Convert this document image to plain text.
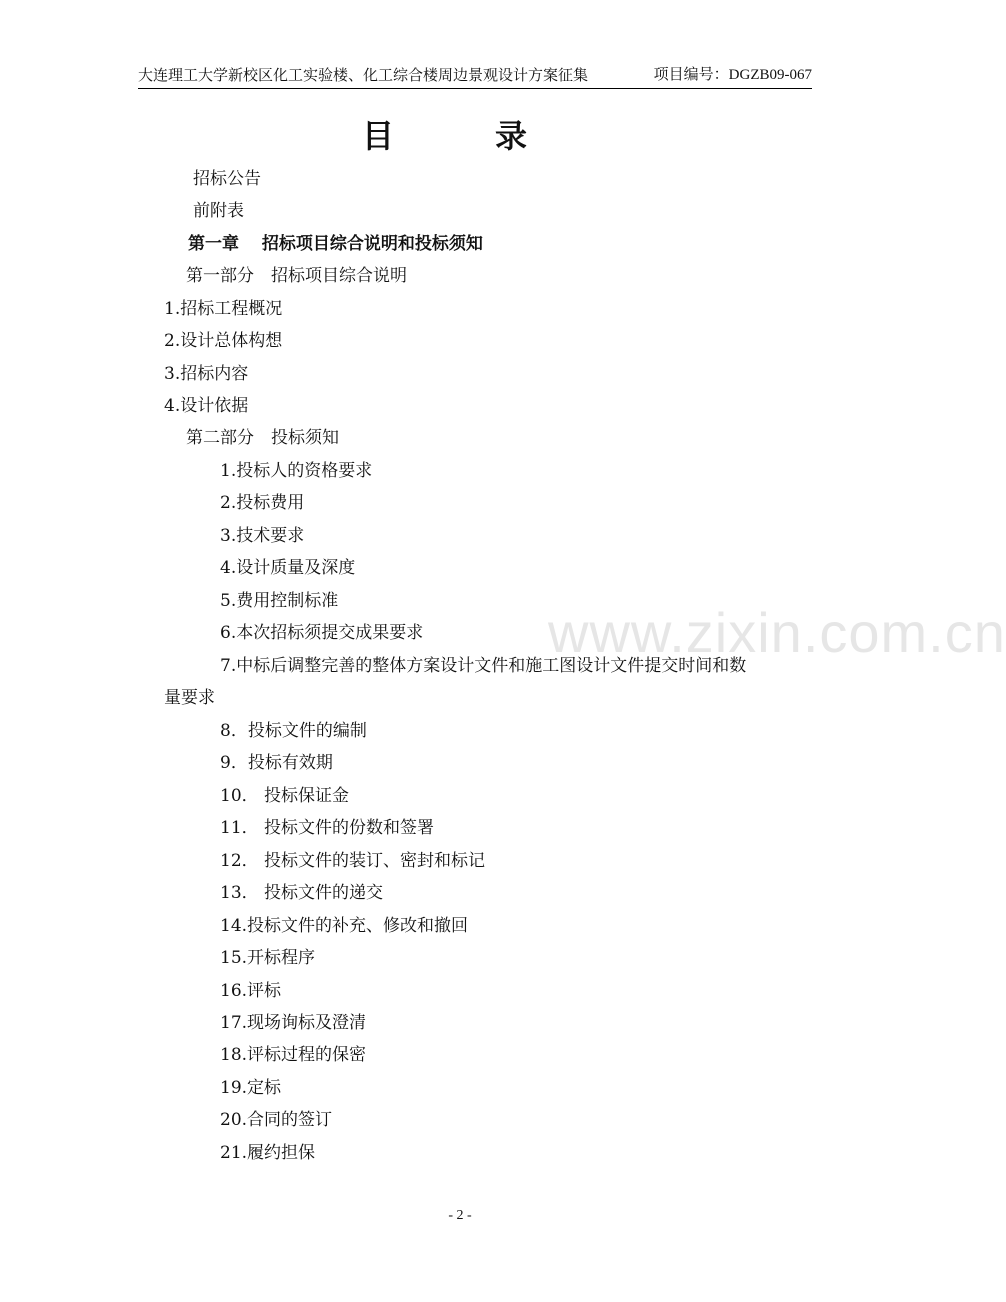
大连理工大学新校区化工实验楼、化工综合楼周边景观设计方案征集	项目编号：DGZB09-067
目	录
www.zixin.com.cn
招标公告
前附表
第一章　 招标项目综合说明和投标须知
第一部分　招标项目综合说明
1.招标工程概况
2.设计总体构想
3.招标内容
4.设计依据
第二部分　投标须知
1.投标人的资格要求
2.投标费用
3.技术要求
4.设计质量及深度
5.费用控制标准
6.本次招标须提交成果要求
7.中标后调整完善的整体方案设计文件和施工图设计文件提交时间和数
量要求
8．投标文件的编制
9．投标有效期
10． 投标保证金
11． 投标文件的份数和签署
12． 投标文件的装订、密封和标记
13． 投标文件的递交
14.投标文件的补充、修改和撤回
15.开标程序
16.评标
17.现场询标及澄清
18.评标过程的保密
19.定标
20.合同的签订
21.履约担保
- 2 -
